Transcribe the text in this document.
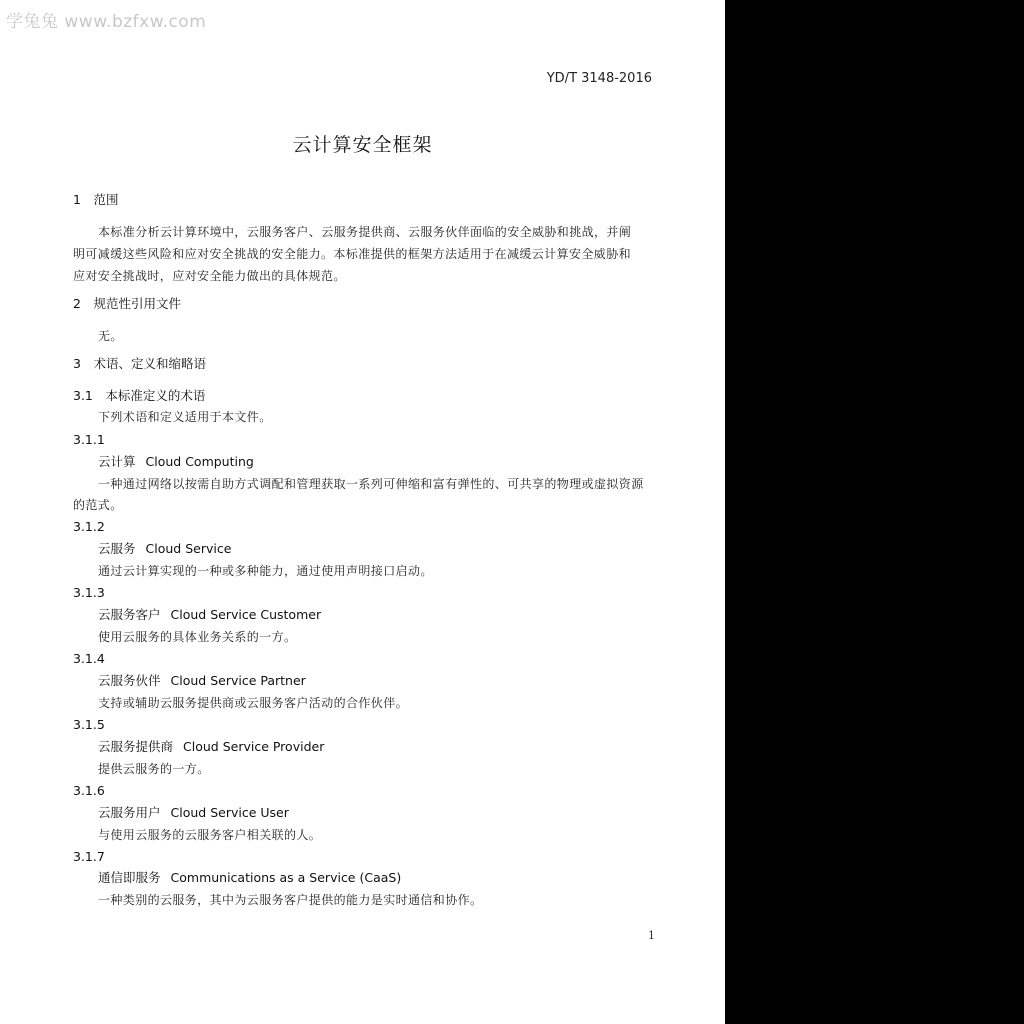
学兔兔 www.bzfxw.com
YD/T 3148-2016
云计算安全框架
1　范围
本标准分析云计算环境中，云服务客户、云服务提供商、云服务伙伴面临的安全威胁和挑战，并阐
明可减缓这些风险和应对安全挑战的安全能力。本标准提供的框架方法适用于在减缓云计算安全威胁和
应对安全挑战时，应对安全能力做出的具体规范。
2　规范性引用文件
无。
3　术语、定义和缩略语
3.1　本标准定义的术语
下列术语和定义适用于本文件。
3.1.1
云计算 Cloud Computing
一种通过网络以按需自助方式调配和管理获取一系列可伸缩和富有弹性的、可共享的物理或虚拟资源
的范式。
3.1.2
云服务 Cloud Service
通过云计算实现的一种或多种能力，通过使用声明接口启动。
3.1.3
云服务客户 Cloud Service Customer
使用云服务的具体业务关系的一方。
3.1.4
云服务伙伴 Cloud Service Partner
支持或辅助云服务提供商或云服务客户活动的合作伙伴。
3.1.5
云服务提供商 Cloud Service Provider
提供云服务的一方。
3.1.6
云服务用户 Cloud Service User
与使用云服务的云服务客户相关联的人。
3.1.7
通信即服务 Communications as a Service (CaaS)
一种类别的云服务，其中为云服务客户提供的能力是实时通信和协作。
1
